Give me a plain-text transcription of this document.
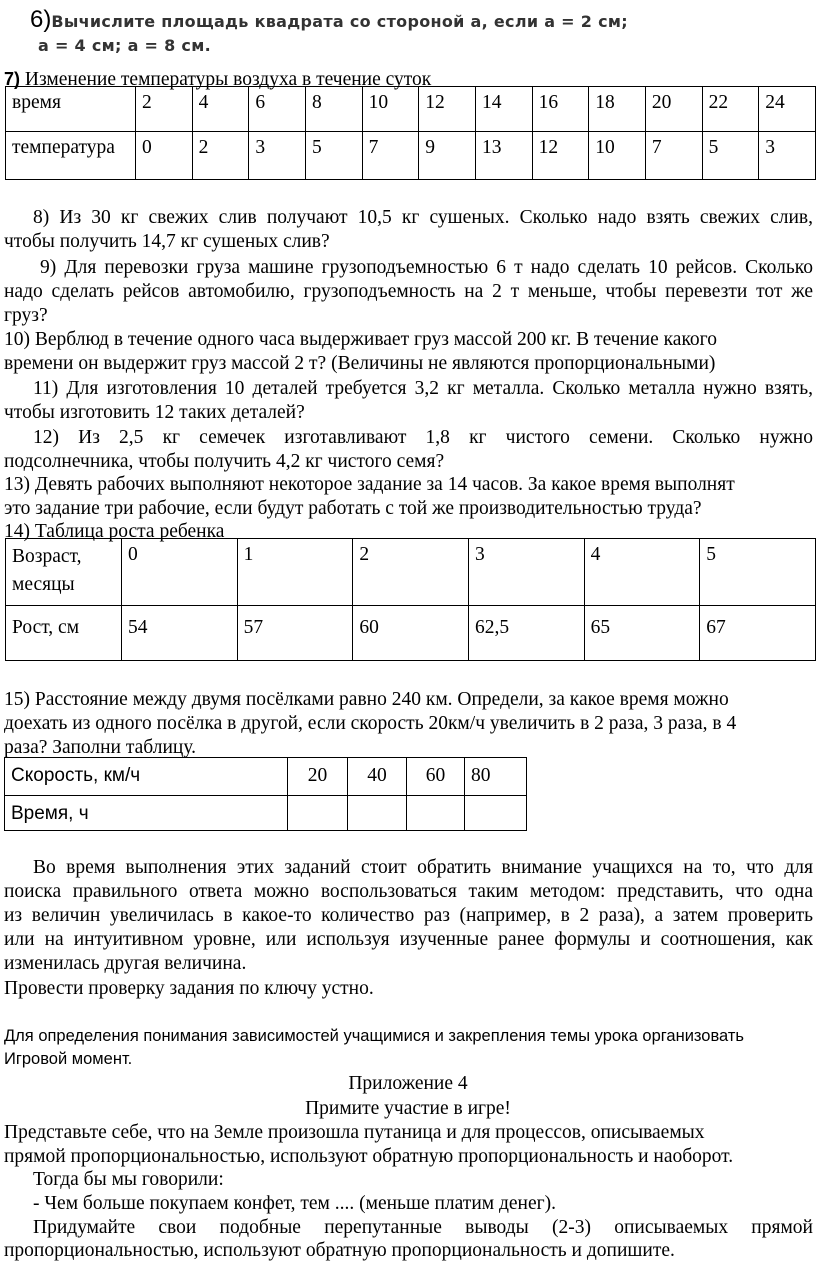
6)Вычислите площадь квадрата со стороной a, если a = 2 см;
a = 4 см; a = 8 см.
7) Изменение температуры воздуха в течение суток
время	2	4	6	8	10	12	14	16	18	20	22	24
температура	0	2	3	5	7	9	13	12	10	7	5	3
8) Из 30 кг свежих слив получают 10,5 кг сушеных. Сколько надо взять свежих слив,
чтобы получить 14,7 кг сушеных слив?
9) Для перевозки груза машине грузоподъемностью 6 т надо сделать 10 рейсов. Сколько
надо сделать рейсов автомобилю, грузоподъемность на 2 т меньше, чтобы перевезти тот же
груз?
10) Верблюд в течение одного часа выдерживает груз массой 200 кг. В течение какого
времени он выдержит груз массой 2 т? (Величины не являются пропорциональными)
11) Для изготовления 10 деталей требуется 3,2 кг металла. Сколько металла нужно взять,
чтобы изготовить 12 таких деталей?
12) Из 2,5 кг семечек изготавливают 1,8 кг чистого семени. Сколько нужно
подсолнечника, чтобы получить 4,2 кг чистого семя?
13) Девять рабочих выполняют некоторое задание за 14 часов. За какое время выполнят
это задание три рабочие, если будут работать с той же производительностью труда?
14) Таблица роста ребенка
Возраст, месяцы	0	1	2	3	4	5
Рост, см	54	57	60	62,5	65	67
15) Расстояние между двумя посёлками равно 240 км. Определи, за какое время можно
доехать из одного посёлка в другой, если скорость 20км/ч увеличить в 2 раза, 3 раза, в 4
раза? Заполни таблицу.
Скорость, км/ч	20	40	60	80
Время, ч				
Во время выполнения этих заданий стоит обратить внимание учащихся на то, что для
поиска правильного ответа можно воспользоваться таким методом: представить, что одна
из величин увеличилась в какое-то количество раз (например, в 2 раза), а затем проверить
или на интуитивном уровне, или используя изученные ранее формулы и соотношения, как
изменилась другая величина.
Провести проверку задания по ключу устно.
Для определения понимания зависимостей учащимися и закрепления темы урока организовать
Игровой момент.
Приложение 4
Примите участие в игре!
Представьте себе, что на Земле произошла путаница и для процессов, описываемых
прямой пропорциональностью, используют обратную пропорциональность и наоборот.
Тогда бы мы говорили:
- Чем больше покупаем конфет, тем .... (меньше платим денег).
Придумайте свои подобные перепутанные выводы (2-3) описываемых прямой
пропорциональностью, используют обратную пропорциональность и допишите.
